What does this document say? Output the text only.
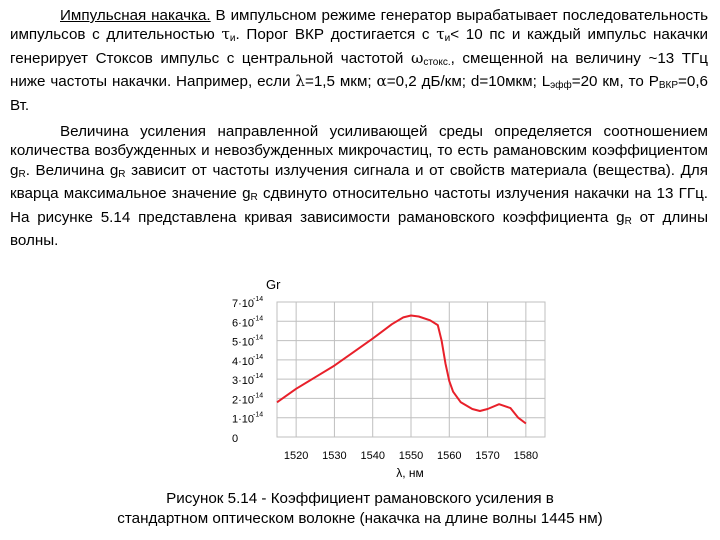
Импульсная накачка. В импульсном режиме генератор вырабатывает последовательность импульсов с длительностью $\tau_и$. Порог ВКР достигается с $\tau_и< 10$ пс и каждый импульс накачки генерирует Стоксов импульс с центральной частотой $\omega_{стокс.}$, смещенной на величину ~13 ТГц ниже частоты накачки. Например, если λ=1,5 мкм; α=0,2 дБ/км; d=10мкм; $L_{эфф}=20$ км, то $P_{ВКР}=0,6$ Вт.

Величина усиления направленной усиливающей среды определяется соотношением количества возбужденных и невозбужденных микрочастиц, то есть рамановским коэффициентом $g_R$. Величина $g_R$ зависит от частоты излучения сигнала и от свойств материала (вещества). Для кварца максимальное значение $g_R$ сдвинуто относительно частоты излучения накачки на 13 ГГц. На рисунке 5.14 представлена кривая зависимости рамановского коэффициента $g_R$ от длины волны.

0
1·10
-14
2·10
-14
3·10
-14
4·10
-14
5·10
-14
6·10
-14
7·10
-14
1520 1530 1540 1550 1560 1570 1580
Gr
λ, нм
Рисунок 5.14 - Коэффициент рамановского усиления в
стандартном оптическом волокне (накачка на длине волны 1445 нм)
